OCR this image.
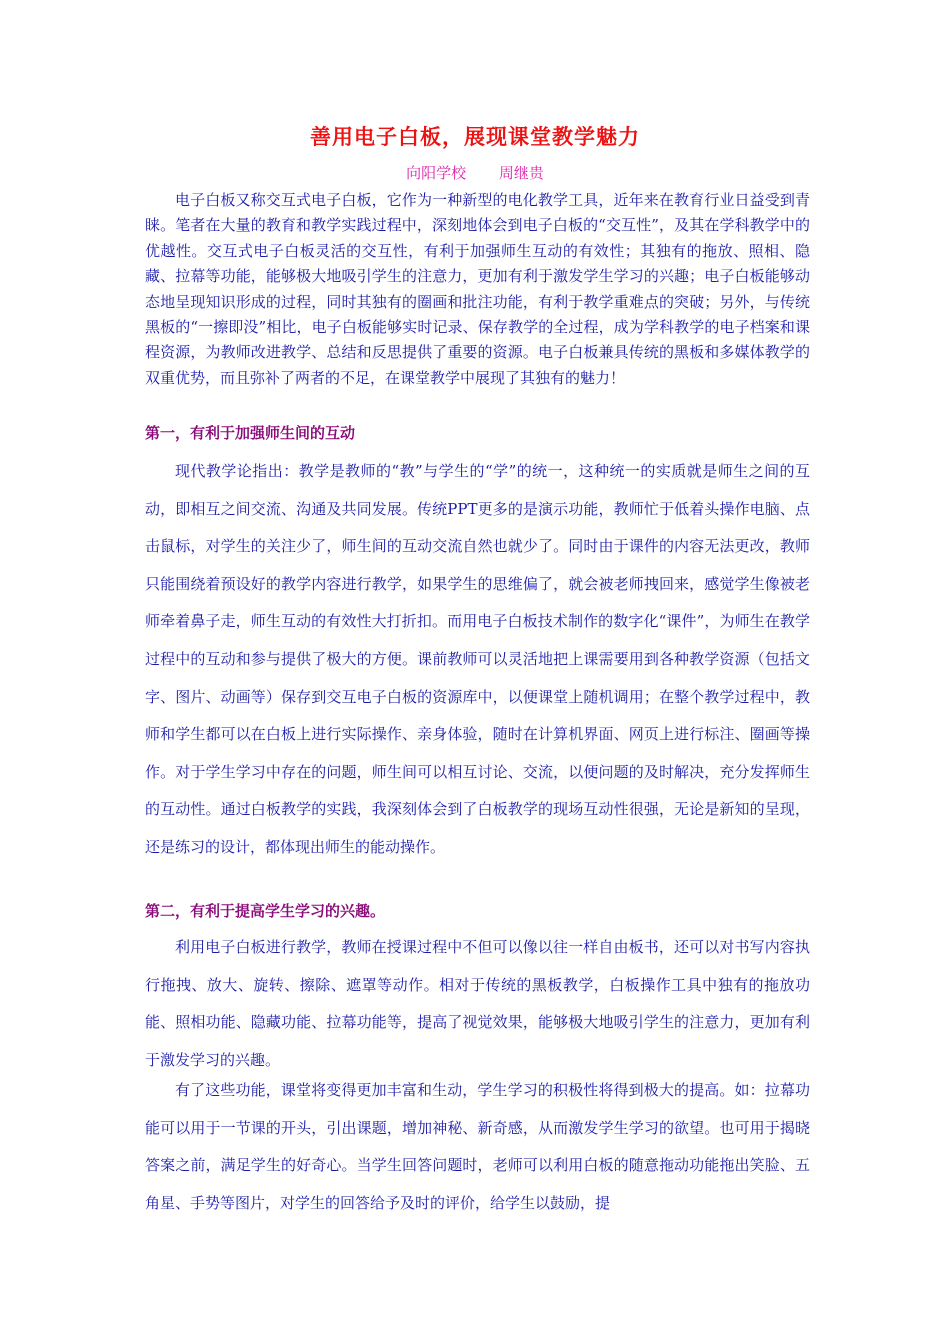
善用电子白板，展现课堂教学魅力
向阳学校 周继贵

电子白板又称交互式电子白板，它作为一种新型的电化教学工具，近年来在教育行业日益受到青睐。笔者在大量的教育和教学实践过程中，深刻地体会到电子白板的“交互性”，及其在学科教学中的优越性。交互式电子白板灵活的交互性，有利于加强师生互动的有效性；其独有的拖放、照相、隐藏、拉幕等功能，能够极大地吸引学生的注意力，更加有利于激发学生学习的兴趣；电子白板能够动态地呈现知识形成的过程，同时其独有的圈画和批注功能，有利于教学重难点的突破；另外，与传统黑板的“一擦即没”相比，电子白板能够实时记录、保存教学的全过程，成为学科教学的电子档案和课程资源，为教师改进教学、总结和反思提供了重要的资源。电子白板兼具传统的黑板和多媒体教学的双重优势，而且弥补了两者的不足，在课堂教学中展现了其独有的魅力！

第一，有利于加强师生间的互动

现代教学论指出：教学是教师的“教”与学生的“学”的统一，这种统一的实质就是师生之间的互动，即相互之间交流、沟通及共同发展。传统PPT更多的是演示功能，教师忙于低着头操作电脑、点击鼠标，对学生的关注少了，师生间的互动交流自然也就少了。同时由于课件的内容无法更改，教师只能围绕着预设好的教学内容进行教学，如果学生的思维偏了，就会被老师拽回来，感觉学生像被老师牵着鼻子走，师生互动的有效性大打折扣。而用电子白板技术制作的数字化“课件”，为师生在教学过程中的互动和参与提供了极大的方便。课前教师可以灵活地把上课需要用到各种教学资源（包括文字、图片、动画等）保存到交互电子白板的资源库中，以便课堂上随机调用；在整个教学过程中，教师和学生都可以在白板上进行实际操作、亲身体验，随时在计算机界面、网页上进行标注、圈画等操作。对于学生学习中存在的问题，师生间可以相互讨论、交流，以便问题的及时解决，充分发挥师生的互动性。通过白板教学的实践，我深刻体会到了白板教学的现场互动性很强，无论是新知的呈现，还是练习的设计，都体现出师生的能动操作。

第二，有利于提高学生学习的兴趣。

利用电子白板进行教学，教师在授课过程中不但可以像以往一样自由板书，还可以对书写内容执行拖拽、放大、旋转、擦除、遮罩等动作。相对于传统的黑板教学，白板操作工具中独有的拖放功能、照相功能、隐藏功能、拉幕功能等，提高了视觉效果，能够极大地吸引学生的注意力，更加有利于激发学习的兴趣。

有了这些功能，课堂将变得更加丰富和生动，学生学习的积极性将得到极大的提高。如：拉幕功能可以用于一节课的开头，引出课题，增加神秘、新奇感，从而激发学生学习的欲望。也可用于揭晓答案之前，满足学生的好奇心。当学生回答问题时，老师可以利用白板的随意拖动功能拖出笑脸、五角星、手势等图片，对学生的回答给予及时的评价，给学生以鼓励，提
